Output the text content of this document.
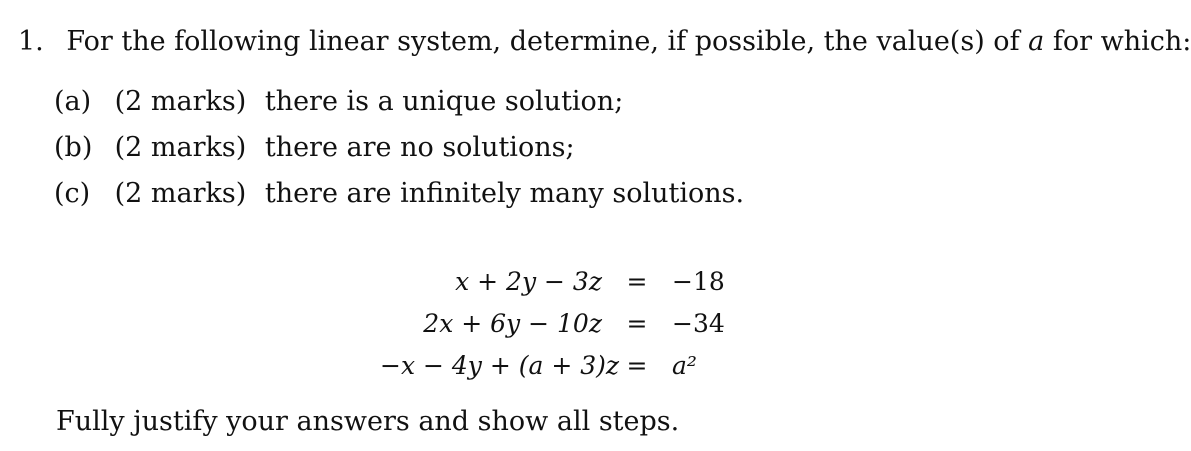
1. For the following linear system, determine, if possible, the value(s) of a for which:
(a) (2 marks) there is a unique solution;
(b) (2 marks) there are no solutions;
(c) (2 marks) there are infinitely many solutions.
x + 2y − 3z = −18
2x + 6y − 10z = −34
−x − 4y + (a + 3)z = a²
Fully justify your answers and show all steps.
